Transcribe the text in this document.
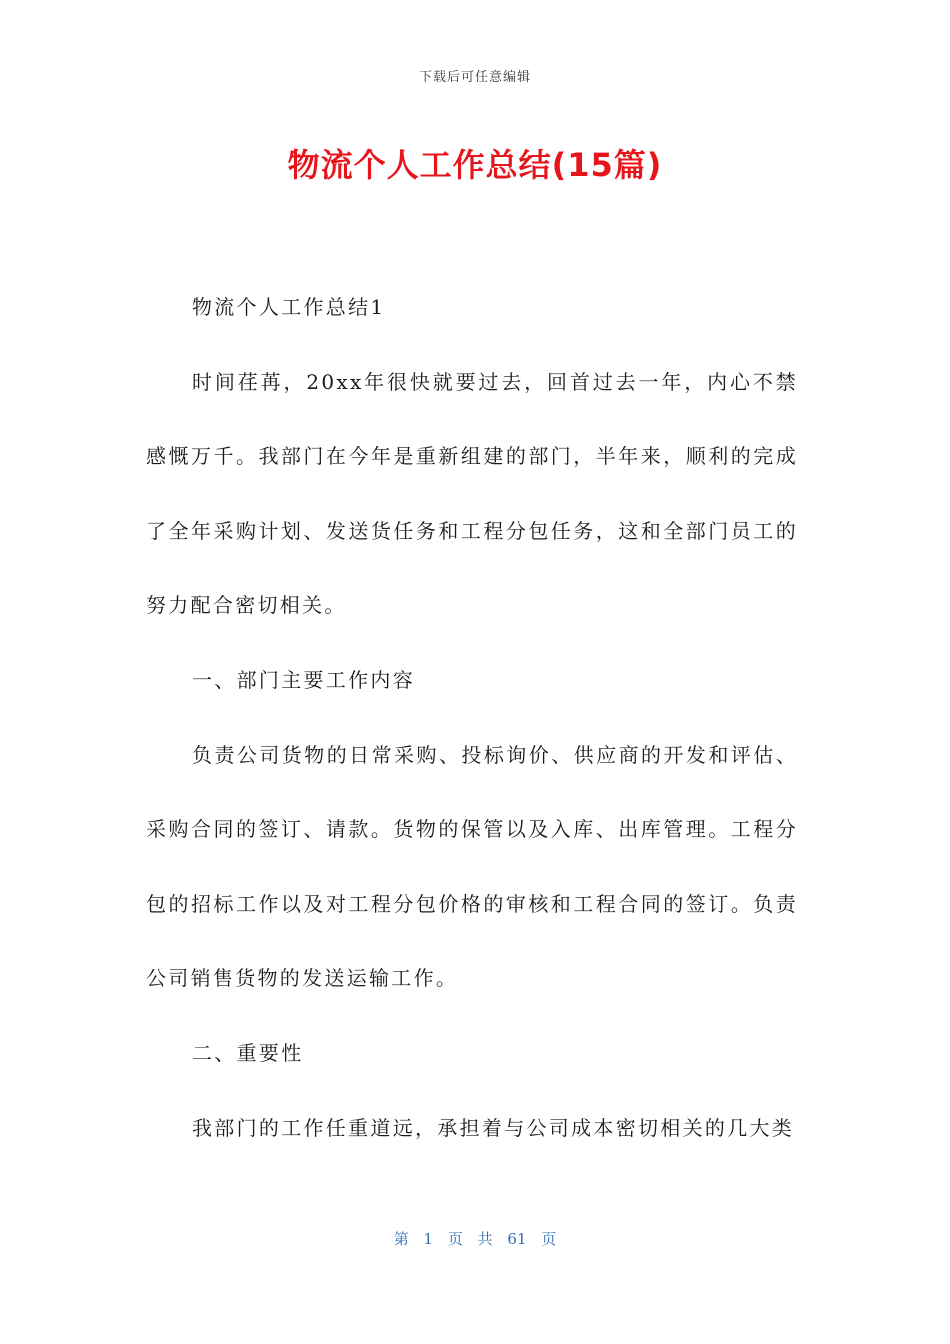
下载后可任意编辑
物流个人工作总结(15篇)

物流个人工作总结1

时间荏苒，20xx年很快就要过去，回首过去一年，内心不禁感慨万千。我部门在今年是重新组建的部门，半年来，顺利的完成了全年采购计划、发送货任务和工程分包任务，这和全部门员工的努力配合密切相关。

一、部门主要工作内容

负责公司货物的日常采购、投标询价、供应商的开发和评估、采购合同的签订、请款。货物的保管以及入库、出库管理。工程分包的招标工作以及对工程分包价格的审核和工程合同的签订。负责公司销售货物的发送运输工作。

二、重要性

我部门的工作任重道远，承担着与公司成本密切相关的几大类

第 1 页 共 61 页
